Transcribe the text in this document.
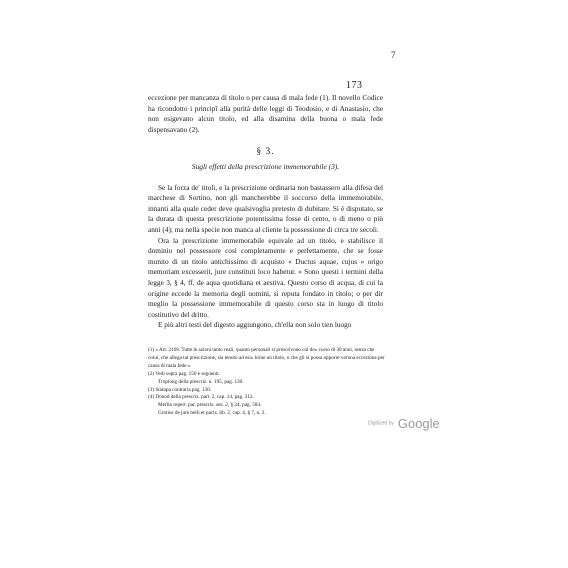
7
173

eccezione per mancanza di titolo o per causa di mala fede (1). Il novello Codice ha ricondotto i principî alla purità delle leggi di Teodosio, e di Anastasio, che non esigevano alcun titolo, ed alla disamina della buona o mala fede dispensavano (2).

§ 3.
Sugli effetti della prescrizione immemorabile (3).

Se la forza de' titoli, e la prescrizione ordinaria non bastassero alla difesa del marchese di Sortino, non gli mancherebbe il soccorso della immemorabile, innanti alla quale ceder deve qualsivoglia pretesto di dubitare. Si è disputato, se la durata di questa prescrizione potentissima fosse di cento, o di meno o più anni (4); ma nella specie non manca al cliente la possessione di circa tre secoli.

Ora la prescrizione immemorabile equivale ad un titolo, e stabilisce il dominio nel possessore così completamente e perfettamente, che se fosse munito di un titolo antichissimo di acquisto « Ductus aquae, cujus » origo memoriam excesserit, jure constituti loco habetur. » Sono questi i termini della legge 3, § 4, ff. de aqua quotidiana et aestiva. Questo corso di acqua, di cui la origine eccede la memoria degli uomini, si reputa fondato in titolo; o per dir meglio la possessione immemorabile di questo corso sta in luogo di titolo costitutivo del dritto.

E più altri testi del digesto aggiungono, ch'ella non solo tien luogo

(1) » Art. 2168. Tutte le azioni tanto reali, quanto personali si prescrivono col de» corso di 30 anni, senza che colui, che allega tal prescrizione, sia tenuto ad esi» birne un titolo, o che gli si possa opporre veruna eccezione per causa di mala fede.»

(2) Vedi sopra pag. 150 e seguenti.

Troplong della prescriz. n. 195, pag. 130.

(3) Stampa contraria pag. 130.

(4) Donod della prescriz. part. 2, cap. 14, pag. 312.

Merlin repert. par. prescriz. sez. 2, § 24, pag. 584.

Grotius de jure belli et pacis, lib. 2, cap. 4, § 7, n. 2.

Digitized by Google
